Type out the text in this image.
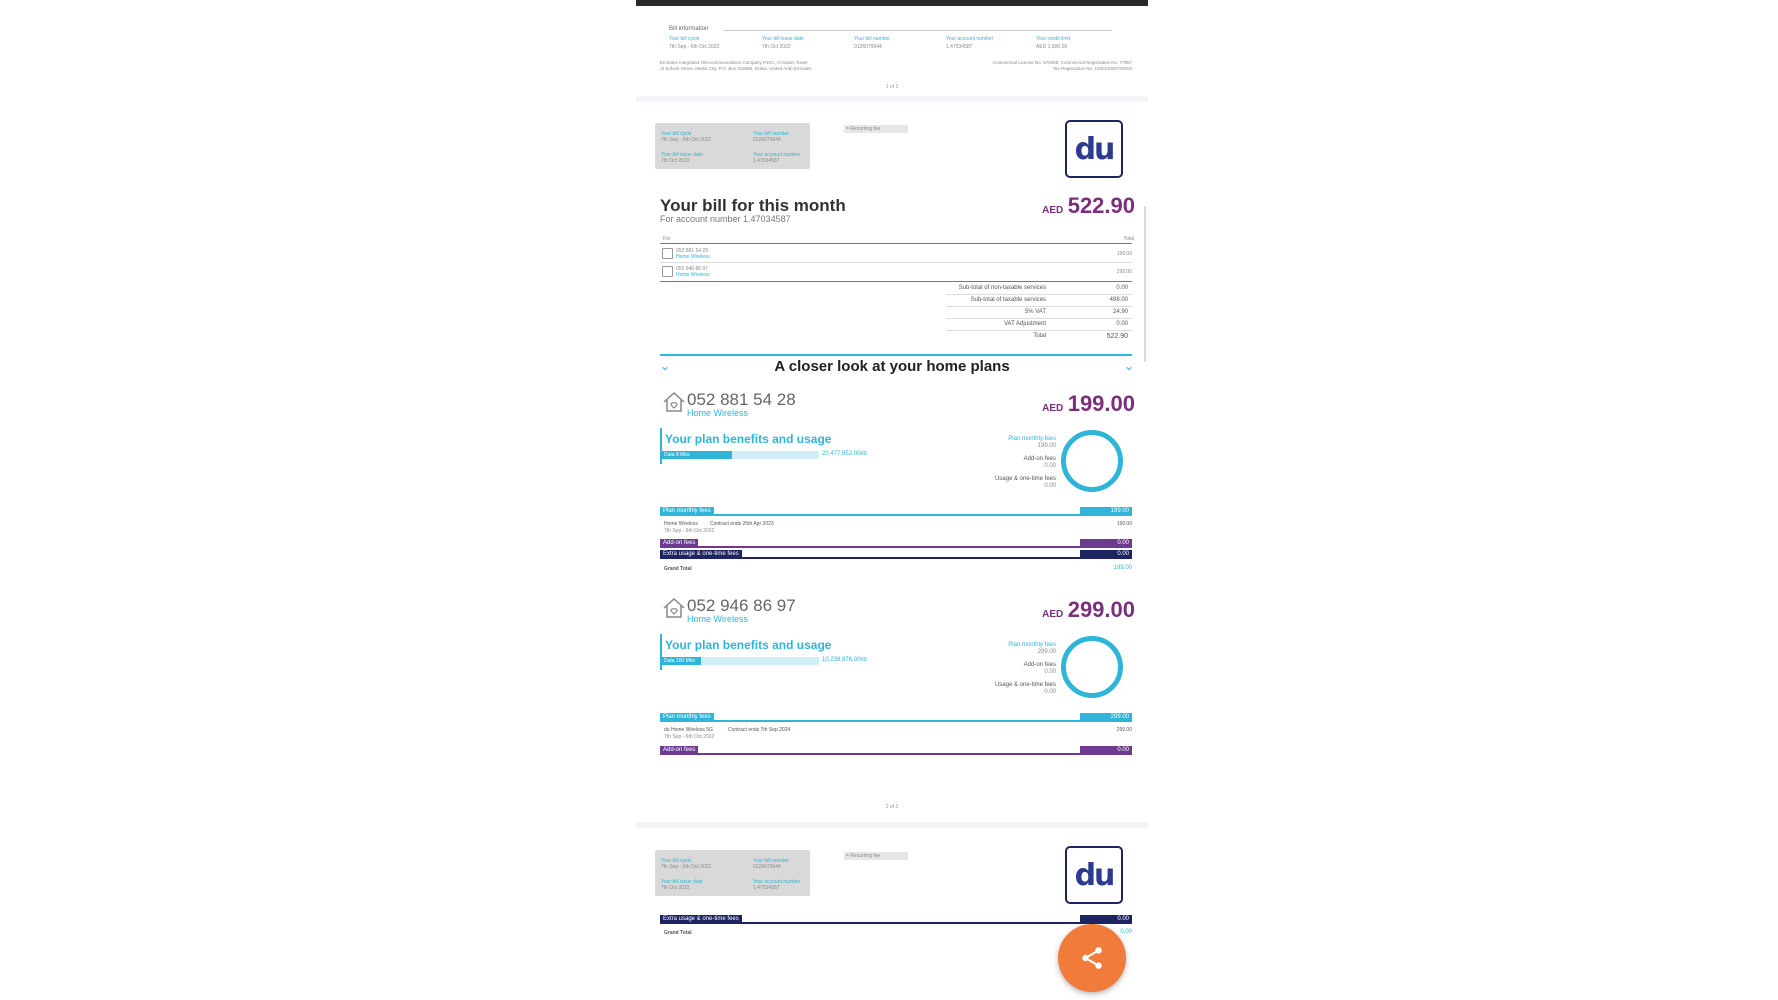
Bill information
Your bill cycle
7th Sep - 6th Oct 2022
Your bill issue date
7th Oct 2022
Your bill number
0126079644
Your account number
1.47034587
Your credit limit
AED 1,500.00
Emirates Integrated Telecommunications Company PJSC, Al Salam Tower
Al Sufouh Street, Media City, P.O. Box 502666, Dubai, United Arab Emirates
Commercial License No. 578458, Commercial Registration No. 77967
Tax Registration No. 100021093700003
1 of 3
Your bill cycle
7th Sep - 6th Oct 2022
Your bill number
0126079644
Your bill issue date
7th Oct 2022
Your account number
1.47034587
= Recurring fee
du
Your bill for this month
For account number 1.47034587
AED 522.90
For	Total
052 881 54 28
Home Wireless	199.00
052 946 86 97
Home Wireless	299.00
Sub-total of non-taxable services	0.00
Sub-total of taxable services	498.00
5% VAT	24.90
VAT Adjustment	0.00
Total	522.90
⌄	⌄
A closer look at your home plans
052 881 54 28
Home Wireless	AED 199.00
Your plan benefits and usage
Data 8 Mbs	20,477,952.00kb
Plan monthly fees
199.00
Add-on fees
0.00
Usage & one-time fees
0.00
Plan monthly fees	199.00
Home Wireless Contract ends 26th Apr 2023	199.00
7th Sep - 6th Oct 2022
Add-on fees	0.00
Extra usage & one-time fees	0.00
Grand Total	199.00
052 946 86 97
Home Wireless	AED 299.00
Your plan benefits and usage
Data 100 Mbs	10,238,976.00kb
Plan monthly fees
299.00
Add-on fees
0.00
Usage & one-time fees
0.00
Plan monthly fees	299.00
du Home Wireless 5G	Contract ends 7th Sep 2024	299.00
7th Sep - 6th Oct 2022
Add-on fees	0.00
2 of 3
Your bill cycle
7th Sep - 6th Oct 2022
Your bill number
0126079644
Your bill issue date
7th Oct 2022
Your account number
1.47034587
= Recurring fee
du
Extra usage & one-time fees	0.00
Grand Total	0.00
